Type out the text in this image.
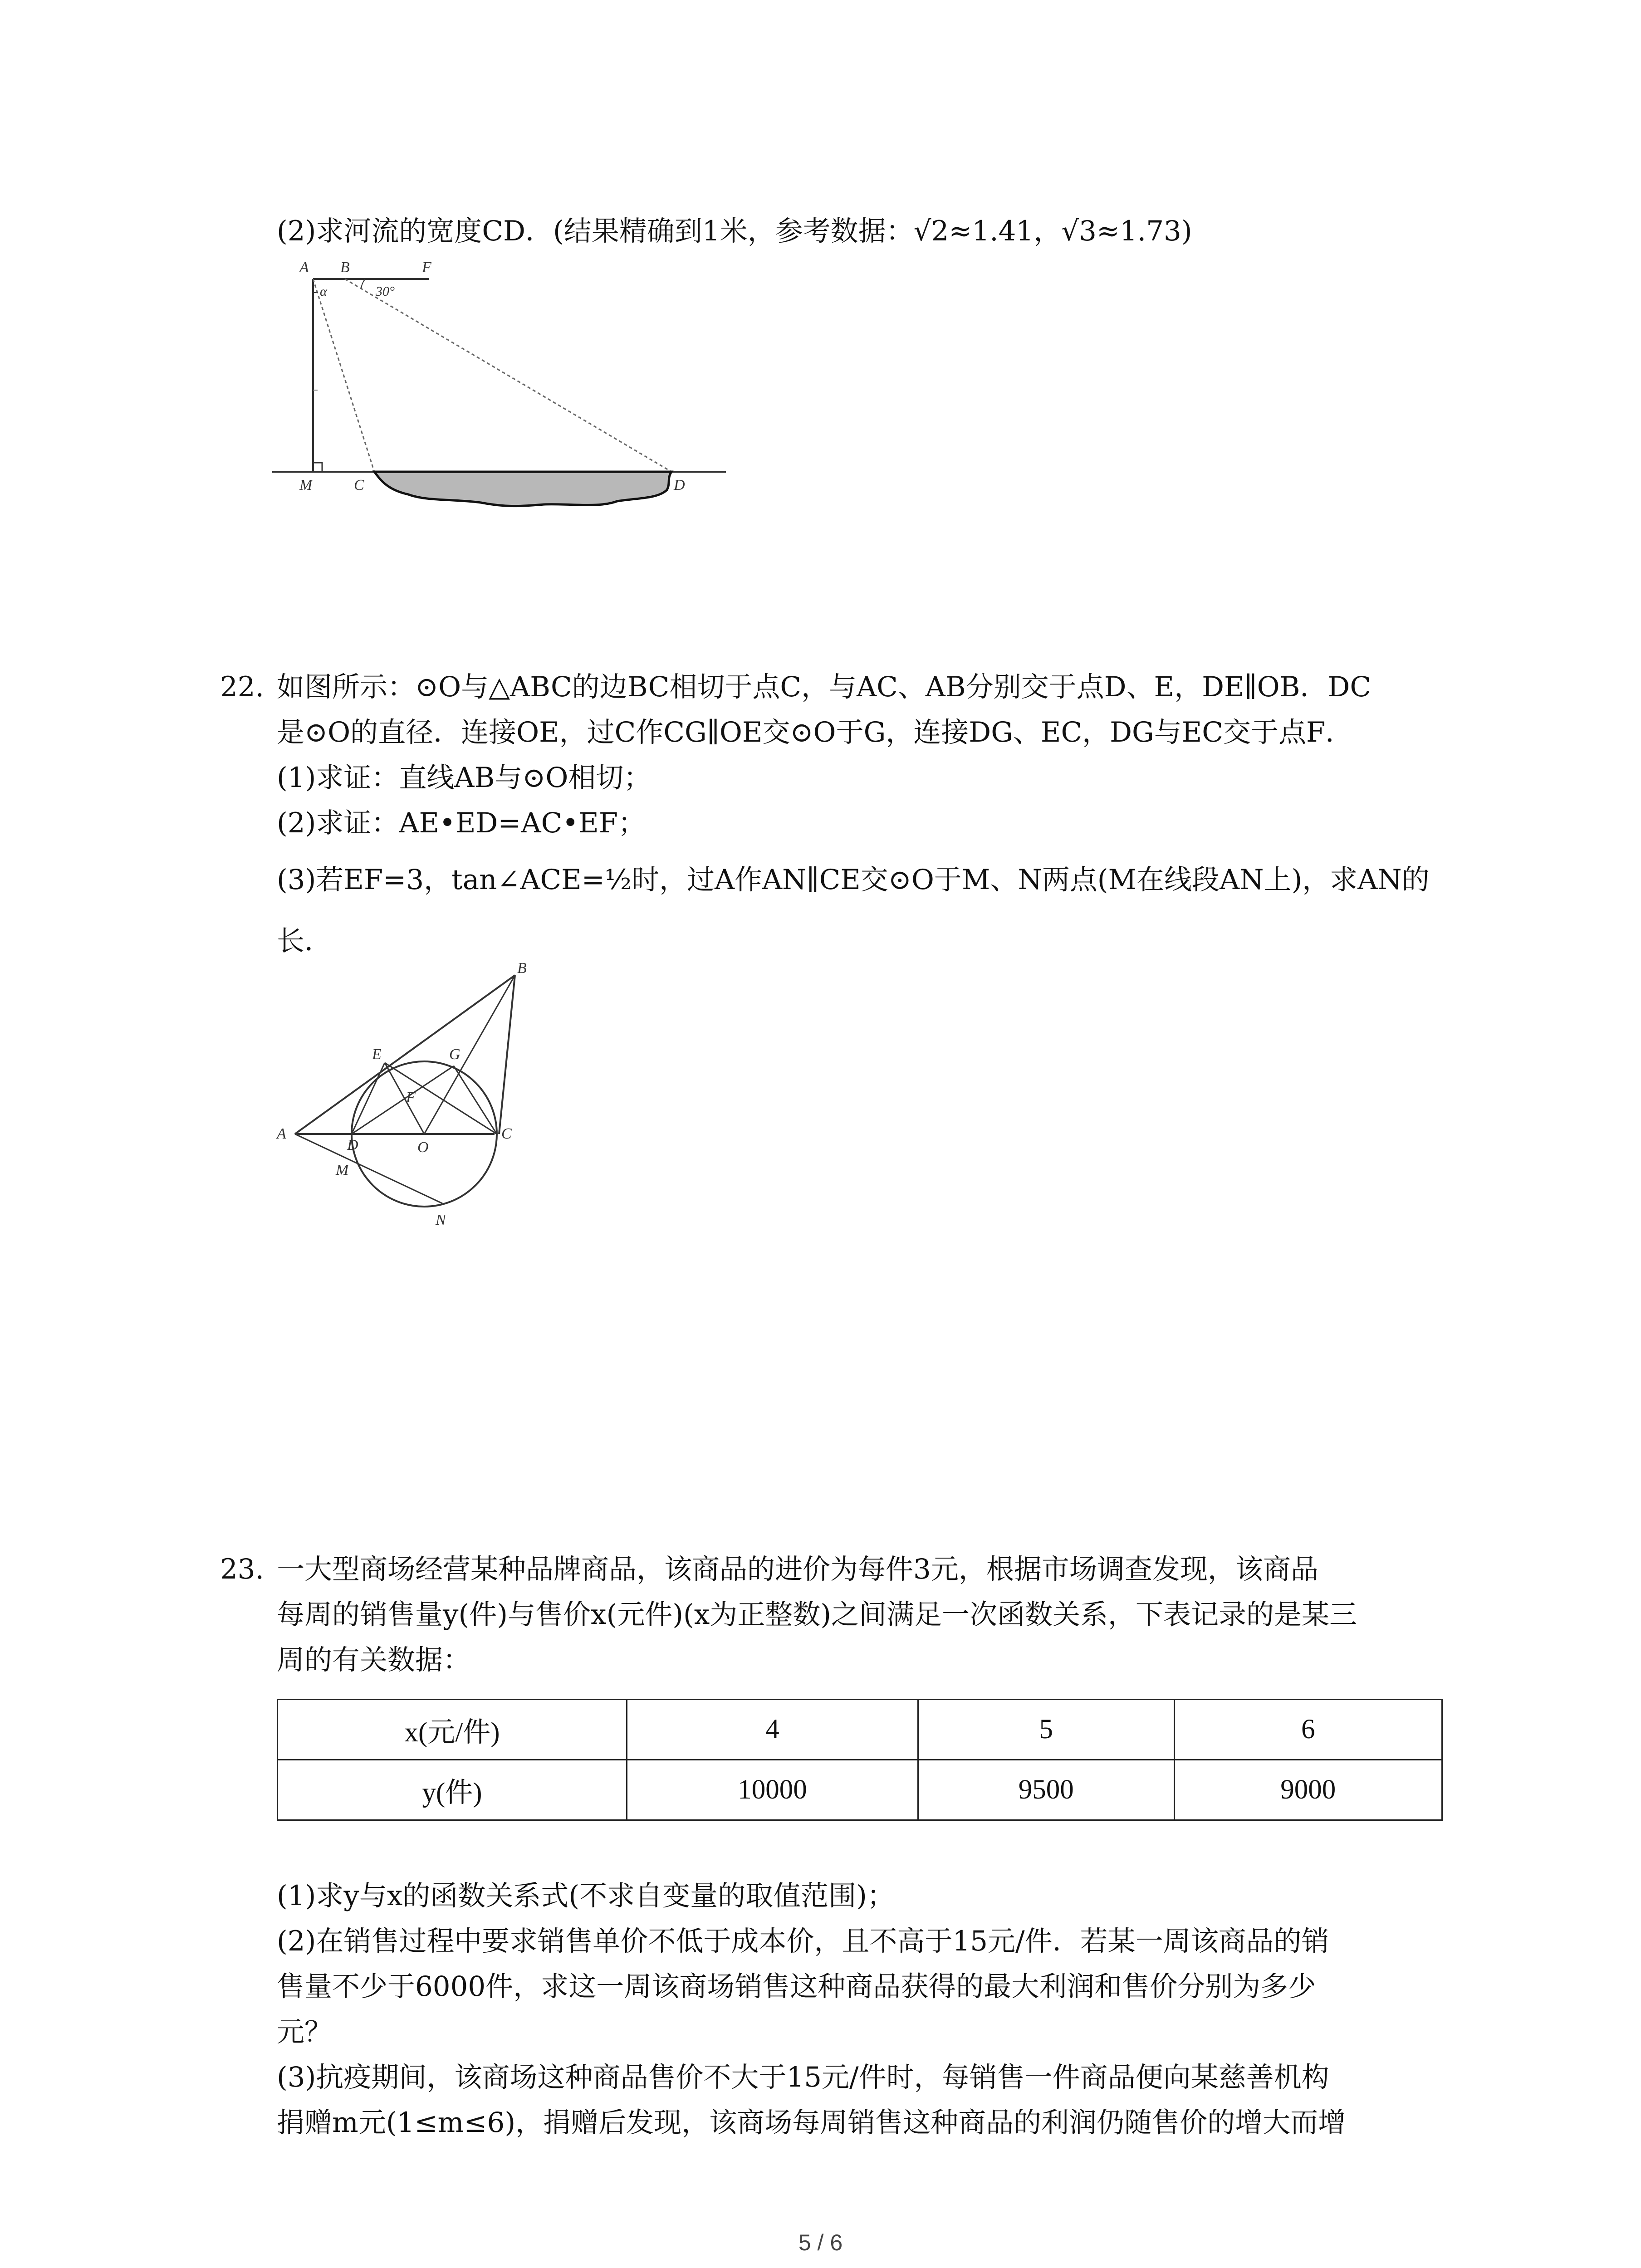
(2)求河流的宽度CD．(结果精确到1米，参考数据：√2≈1.41，√3≈1.73)
A B	F
α	30°
M	C	D
22. 如图所示：⊙O与△ABC的边BC相切于点C，与AC、AB分别交于点D、E，DE∥OB．DC
是⊙O的直径．连接OE，过C作CG∥OE交⊙O于G，连接DG、EC，DG与EC交于点F．
(1)求证：直线AB与⊙O相切；
(2)求证：AE•ED=AC•EF；
(3)若EF=3，tan∠ACE=½时，过A作AN∥CE交⊙O于M、N两点(M在线段AN上)，求AN的
长．
B
E	G
F
A
D	O
C
M
N
23. 一大型商场经营某种品牌商品，该商品的进价为每件3元，根据市场调查发现，该商品
每周的销售量y(件)与售价x(元件)(x为正整数)之间满足一次函数关系，下表记录的是某三
周的有关数据：
x(元/件)	4	5	6
y(件)	10000	9500	9000
(1)求y与x的函数关系式(不求自变量的取值范围)；
(2)在销售过程中要求销售单价不低于成本价，且不高于15元/件．若某一周该商品的销
售量不少于6000件，求这一周该商场销售这种商品获得的最大利润和售价分别为多少
元？
(3)抗疫期间，该商场这种商品售价不大于15元/件时，每销售一件商品便向某慈善机构
捐赠m元(1≤m≤6)，捐赠后发现，该商场每周销售这种商品的利润仍随售价的增大而增
5 / 6
